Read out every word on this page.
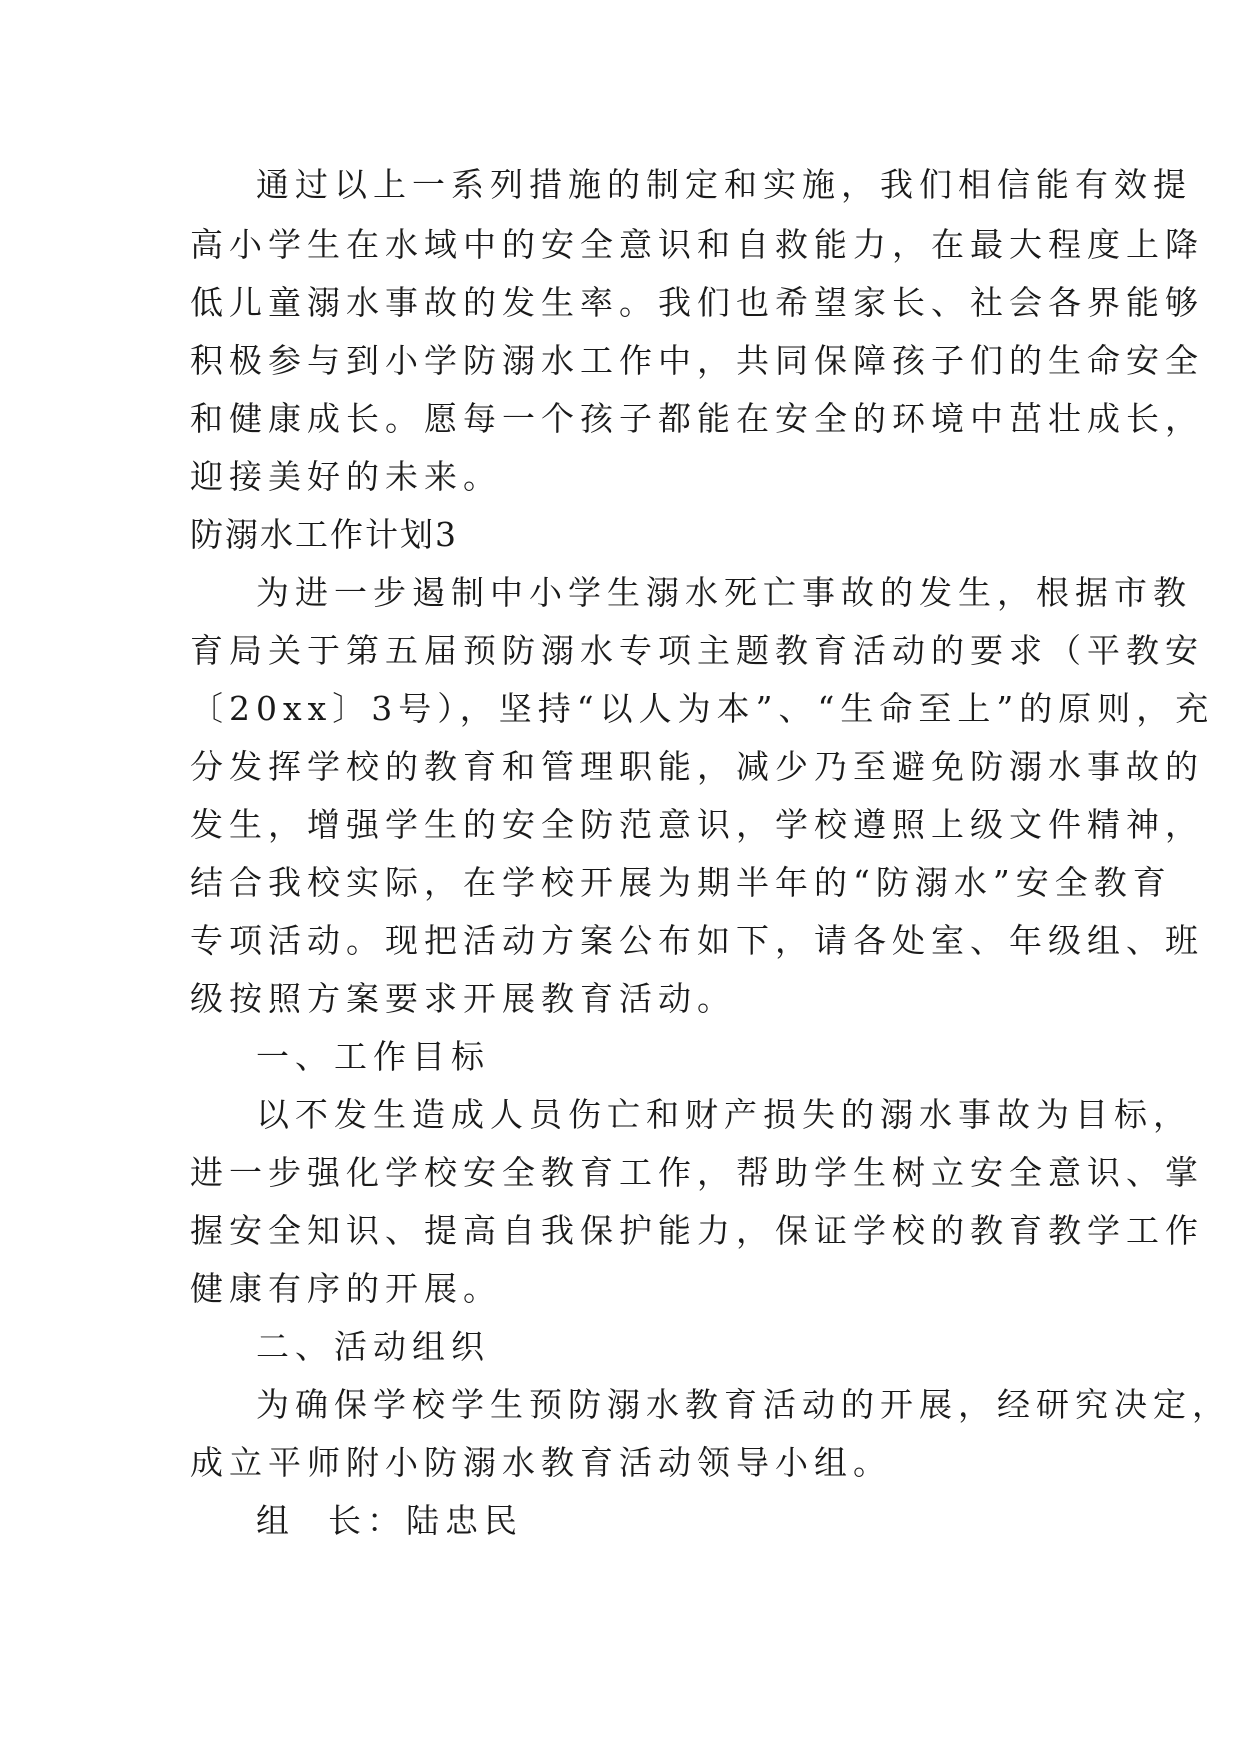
通过以上一系列措施的制定和实施，我们相信能有效提
高小学生在水域中的安全意识和自救能力，在最大程度上降
低儿童溺水事故的发生率。我们也希望家长、社会各界能够
积极参与到小学防溺水工作中，共同保障孩子们的生命安全
和健康成长。愿每一个孩子都能在安全的环境中茁壮成长，
迎接美好的未来。
防溺水工作计划3
为进一步遏制中小学生溺水死亡事故的发生，根据市教
育局关于第五届预防溺水专项主题教育活动的要求（平教安
〔20xx〕3号），坚持“以人为本”、“生命至上”的原则，充
分发挥学校的教育和管理职能，减少乃至避免防溺水事故的
发生，增强学生的安全防范意识，学校遵照上级文件精神，
结合我校实际，在学校开展为期半年的“防溺水”安全教育
专项活动。现把活动方案公布如下，请各处室、年级组、班
级按照方案要求开展教育活动。
一、工作目标
以不发生造成人员伤亡和财产损失的溺水事故为目标，
进一步强化学校安全教育工作，帮助学生树立安全意识、掌
握安全知识、提高自我保护能力，保证学校的教育教学工作
健康有序的开展。
二、活动组织
为确保学校学生预防溺水教育活动的开展，经研究决定，
成立平师附小防溺水教育活动领导小组。
组  长：陆忠民
